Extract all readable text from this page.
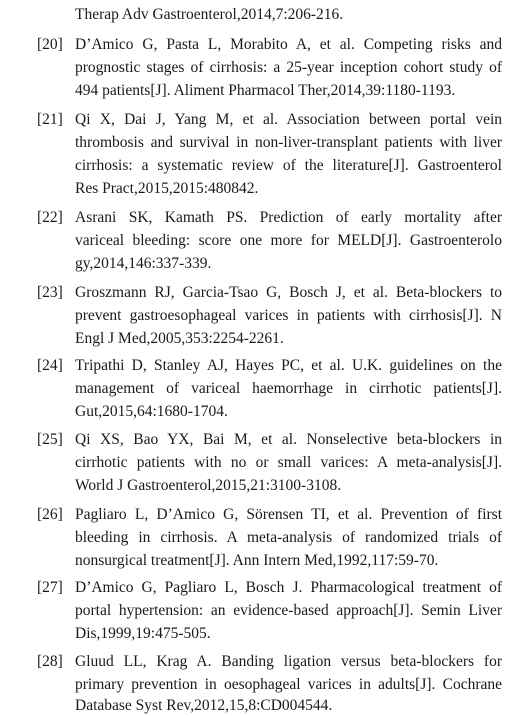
Therap Adv Gastroenterol,2014,7:206-216.
[20] D’Amico G, Pasta L, Morabito A, et al. Competing risks and
prognostic stages of cirrhosis: a 25-year inception cohort study of
494 patients[J]. Aliment Pharmacol Ther,2014,39:1180-1193.
[21] Qi X, Dai J, Yang M, et al. Association between portal vein
thrombosis and survival in non-liver-transplant patients with liver
cirrhosis: a systematic review of the literature[J]. Gastroenterol
Res Pract,2015,2015:480842.
[22] Asrani SK, Kamath PS. Prediction of early mortality after
variceal bleeding: score one more for MELD[J]. Gastroenterolo
gy,2014,146:337-339.
[23] Groszmann RJ, Garcia-Tsao G, Bosch J, et al. Beta-blockers to
prevent gastroesophageal varices in patients with cirrhosis[J]. N
Engl J Med,2005,353:2254-2261.
[24] Tripathi D, Stanley AJ, Hayes PC, et al. U.K. guidelines on the
management of variceal haemorrhage in cirrhotic patients[J].
Gut,2015,64:1680-1704.
[25] Qi XS, Bao YX, Bai M, et al. Nonselective beta-blockers in
cirrhotic patients with no or small varices: A meta-analysis[J].
World J Gastroenterol,2015,21:3100-3108.
[26] Pagliaro L, D’Amico G, Sörensen TI, et al. Prevention of first
bleeding in cirrhosis. A meta-analysis of randomized trials of
nonsurgical treatment[J]. Ann Intern Med,1992,117:59-70.
[27] D’Amico G, Pagliaro L, Bosch J. Pharmacological treatment of
portal hypertension: an evidence-based approach[J]. Semin Liver
Dis,1999,19:475-505.
[28] Gluud LL, Krag A. Banding ligation versus beta-blockers for
primary prevention in oesophageal varices in adults[J]. Cochrane
Database Syst Rev,2012,15,8:CD004544.
